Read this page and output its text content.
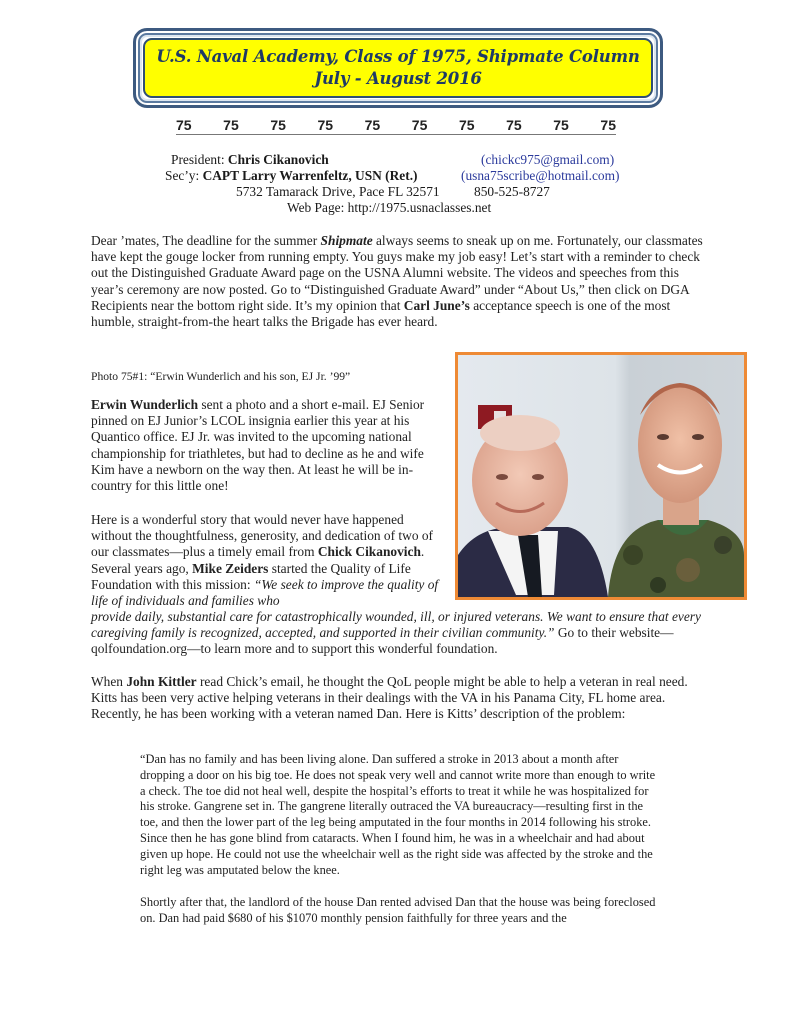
U.S. Naval Academy, Class of 1975, Shipmate Column
July - August 2016
75 75 75 75 75 75 75 75 75 75
President: Chris Cikanovich	(chickc975@gmail.com)
Sec’y: CAPT Larry Warrenfeltz, USN (Ret.)	(usna75scribe@hotmail.com)
5732 Tamarack Drive, Pace FL 32571	850-525-8727
Web Page: http://1975.usnaclasses.net
Dear ’mates, The deadline for the summer Shipmate always seems to sneak up on me. Fortunately, our classmates have kept the gouge locker from running empty. You guys make my job easy! Let’s start with a reminder to check out the Distinguished Graduate Award page on the USNA Alumni website. The videos and speeches from this year’s ceremony are now posted. Go to “Distinguished Graduate Award” under “About Us,” then click on DGA Recipients near the bottom right side. It’s my opinion that Carl June’s acceptance speech is one of the most humble, straight-from-the heart talks the Brigade has ever heard.
Photo 75#1: “Erwin Wunderlich and his son, EJ Jr. ’99”
Erwin Wunderlich sent a photo and a short e-mail. EJ Senior pinned on EJ Junior’s LCOL insignia earlier this year at his Quantico office. EJ Jr. was invited to the upcoming national championship for triathletes, but had to decline as he and wife Kim have a newborn on the way then. At least he will be in-country for this little one!
Here is a wonderful story that would never have happened without the thoughtfulness, generosity, and dedication of two of our classmates—plus a timely email from Chick Cikanovich. Several years ago, Mike Zeiders started the Quality of Life Foundation with this mission: “We seek to improve the quality of life of individuals and families who
provide daily, substantial care for catastrophically wounded, ill, or injured veterans. We want to ensure that every caregiving family is recognized, accepted, and supported in their civilian community.” Go to their website—qolfoundation.org—to learn more and to support this wonderful foundation.
When John Kittler read Chick’s email, he thought the QoL people might be able to help a veteran in real need. Kitts has been very active helping veterans in their dealings with the VA in his Panama City, FL home area. Recently, he has been working with a veteran named Dan. Here is Kitts’ description of the problem:
“Dan has no family and has been living alone. Dan suffered a stroke in 2013 about a month after dropping a door on his big toe. He does not speak very well and cannot write more than enough to write a check. The toe did not heal well, despite the hospital’s efforts to treat it while he was hospitalized for his stroke. Gangrene set in. The gangrene literally outraced the VA bureaucracy—resulting first in the toe, and then the lower part of the leg being amputated in the four months in 2014 following his stroke. Since then he has gone blind from cataracts. When I found him, he was in a wheelchair and had about given up hope. He could not use the wheelchair well as the right side was affected by the stroke and the right leg was amputated below the knee.
Shortly after that, the landlord of the house Dan rented advised Dan that the house was being foreclosed on. Dan had paid $680 of his $1070 monthly pension faithfully for three years and the
